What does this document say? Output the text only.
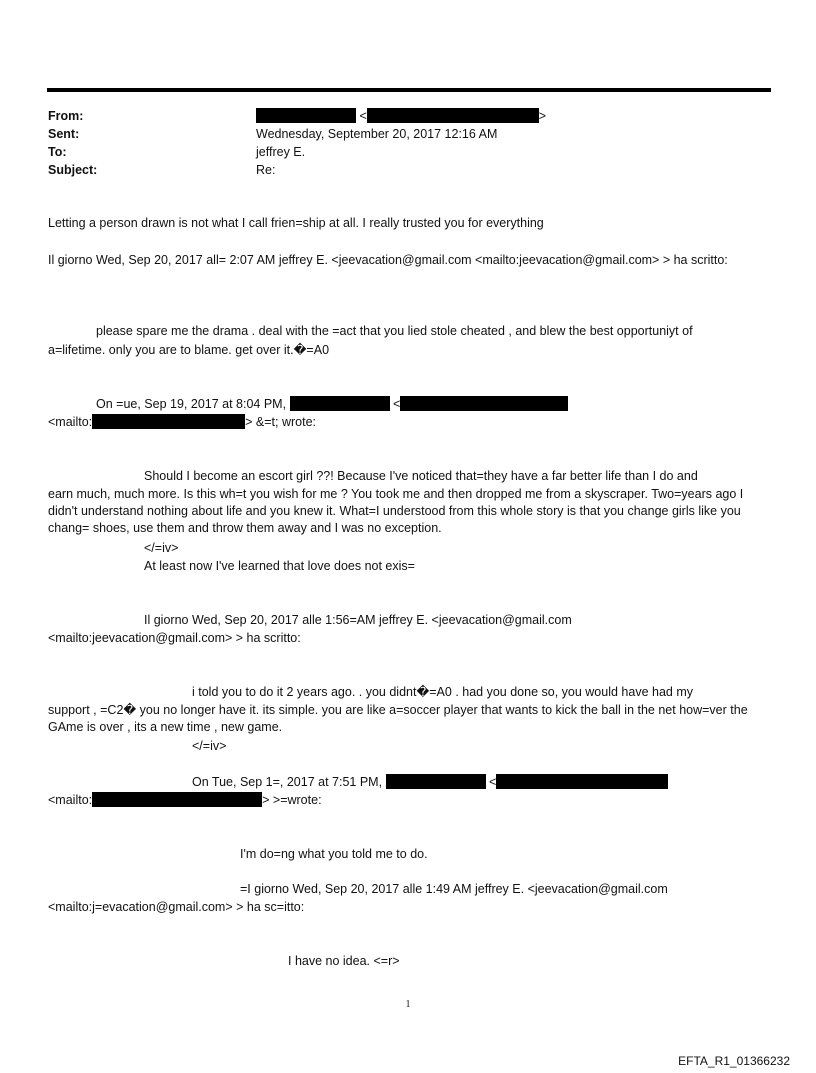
From:	<	>
Sent:	Wednesday, September 20, 2017 12:16 AM
To:	jeffrey E.
Subject:	Re:
Letting a person drawn is not what I call frien=ship at all. I really trusted you for everything
Il giorno Wed, Sep 20, 2017 all= 2:07 AM jeffrey E. <jeevacation@gmail.com <mailto:jeevacation@gmail.com> > ha scritto:
please spare me the drama . deal with the =act that you lied stole cheated , and blew the best opportuniyt of
a=lifetime. only you are to blame. get over it.�=A0
On =ue, Sep 19, 2017 at 8:04 PM,	<
<mailto:	> &=t; wrote:
Should I become an escort girl ??! Because I've noticed that=they have a far better life than I do and
earn much, much more. Is this wh=t you wish for me ? You took me and then dropped me from a skyscraper. Two=years ago I didn't understand nothing about life and you knew it. What=I understood from this whole story is that you change girls like you chang= shoes, use them and throw them away and I was no exception.
</=iv>
At least now I've learned that love does not exis=
Il giorno Wed, Sep 20, 2017 alle 1:56=AM jeffrey E. <jeevacation@gmail.com
<mailto:jeevacation@gmail.com> > ha scritto:
i told you to do it 2 years ago. . you didnt�=A0 . had you done so, you would have had my
support , =C2� you no longer have it. its simple. you are like a=soccer player that wants to kick the ball in the net how=ver the GAme is over , its a new time , new game.
</=iv>
On Tue, Sep 1=, 2017 at 7:51 PM,	<
<mailto:	> >=wrote:
I'm do=ng what you told me to do.
=I giorno Wed, Sep 20, 2017 alle 1:49 AM jeffrey E. <jeevacation@gmail.com
<mailto:j=evacation@gmail.com> > ha sc=itto:
I have no idea. <=r>
1
EFTA_R1_01366232
